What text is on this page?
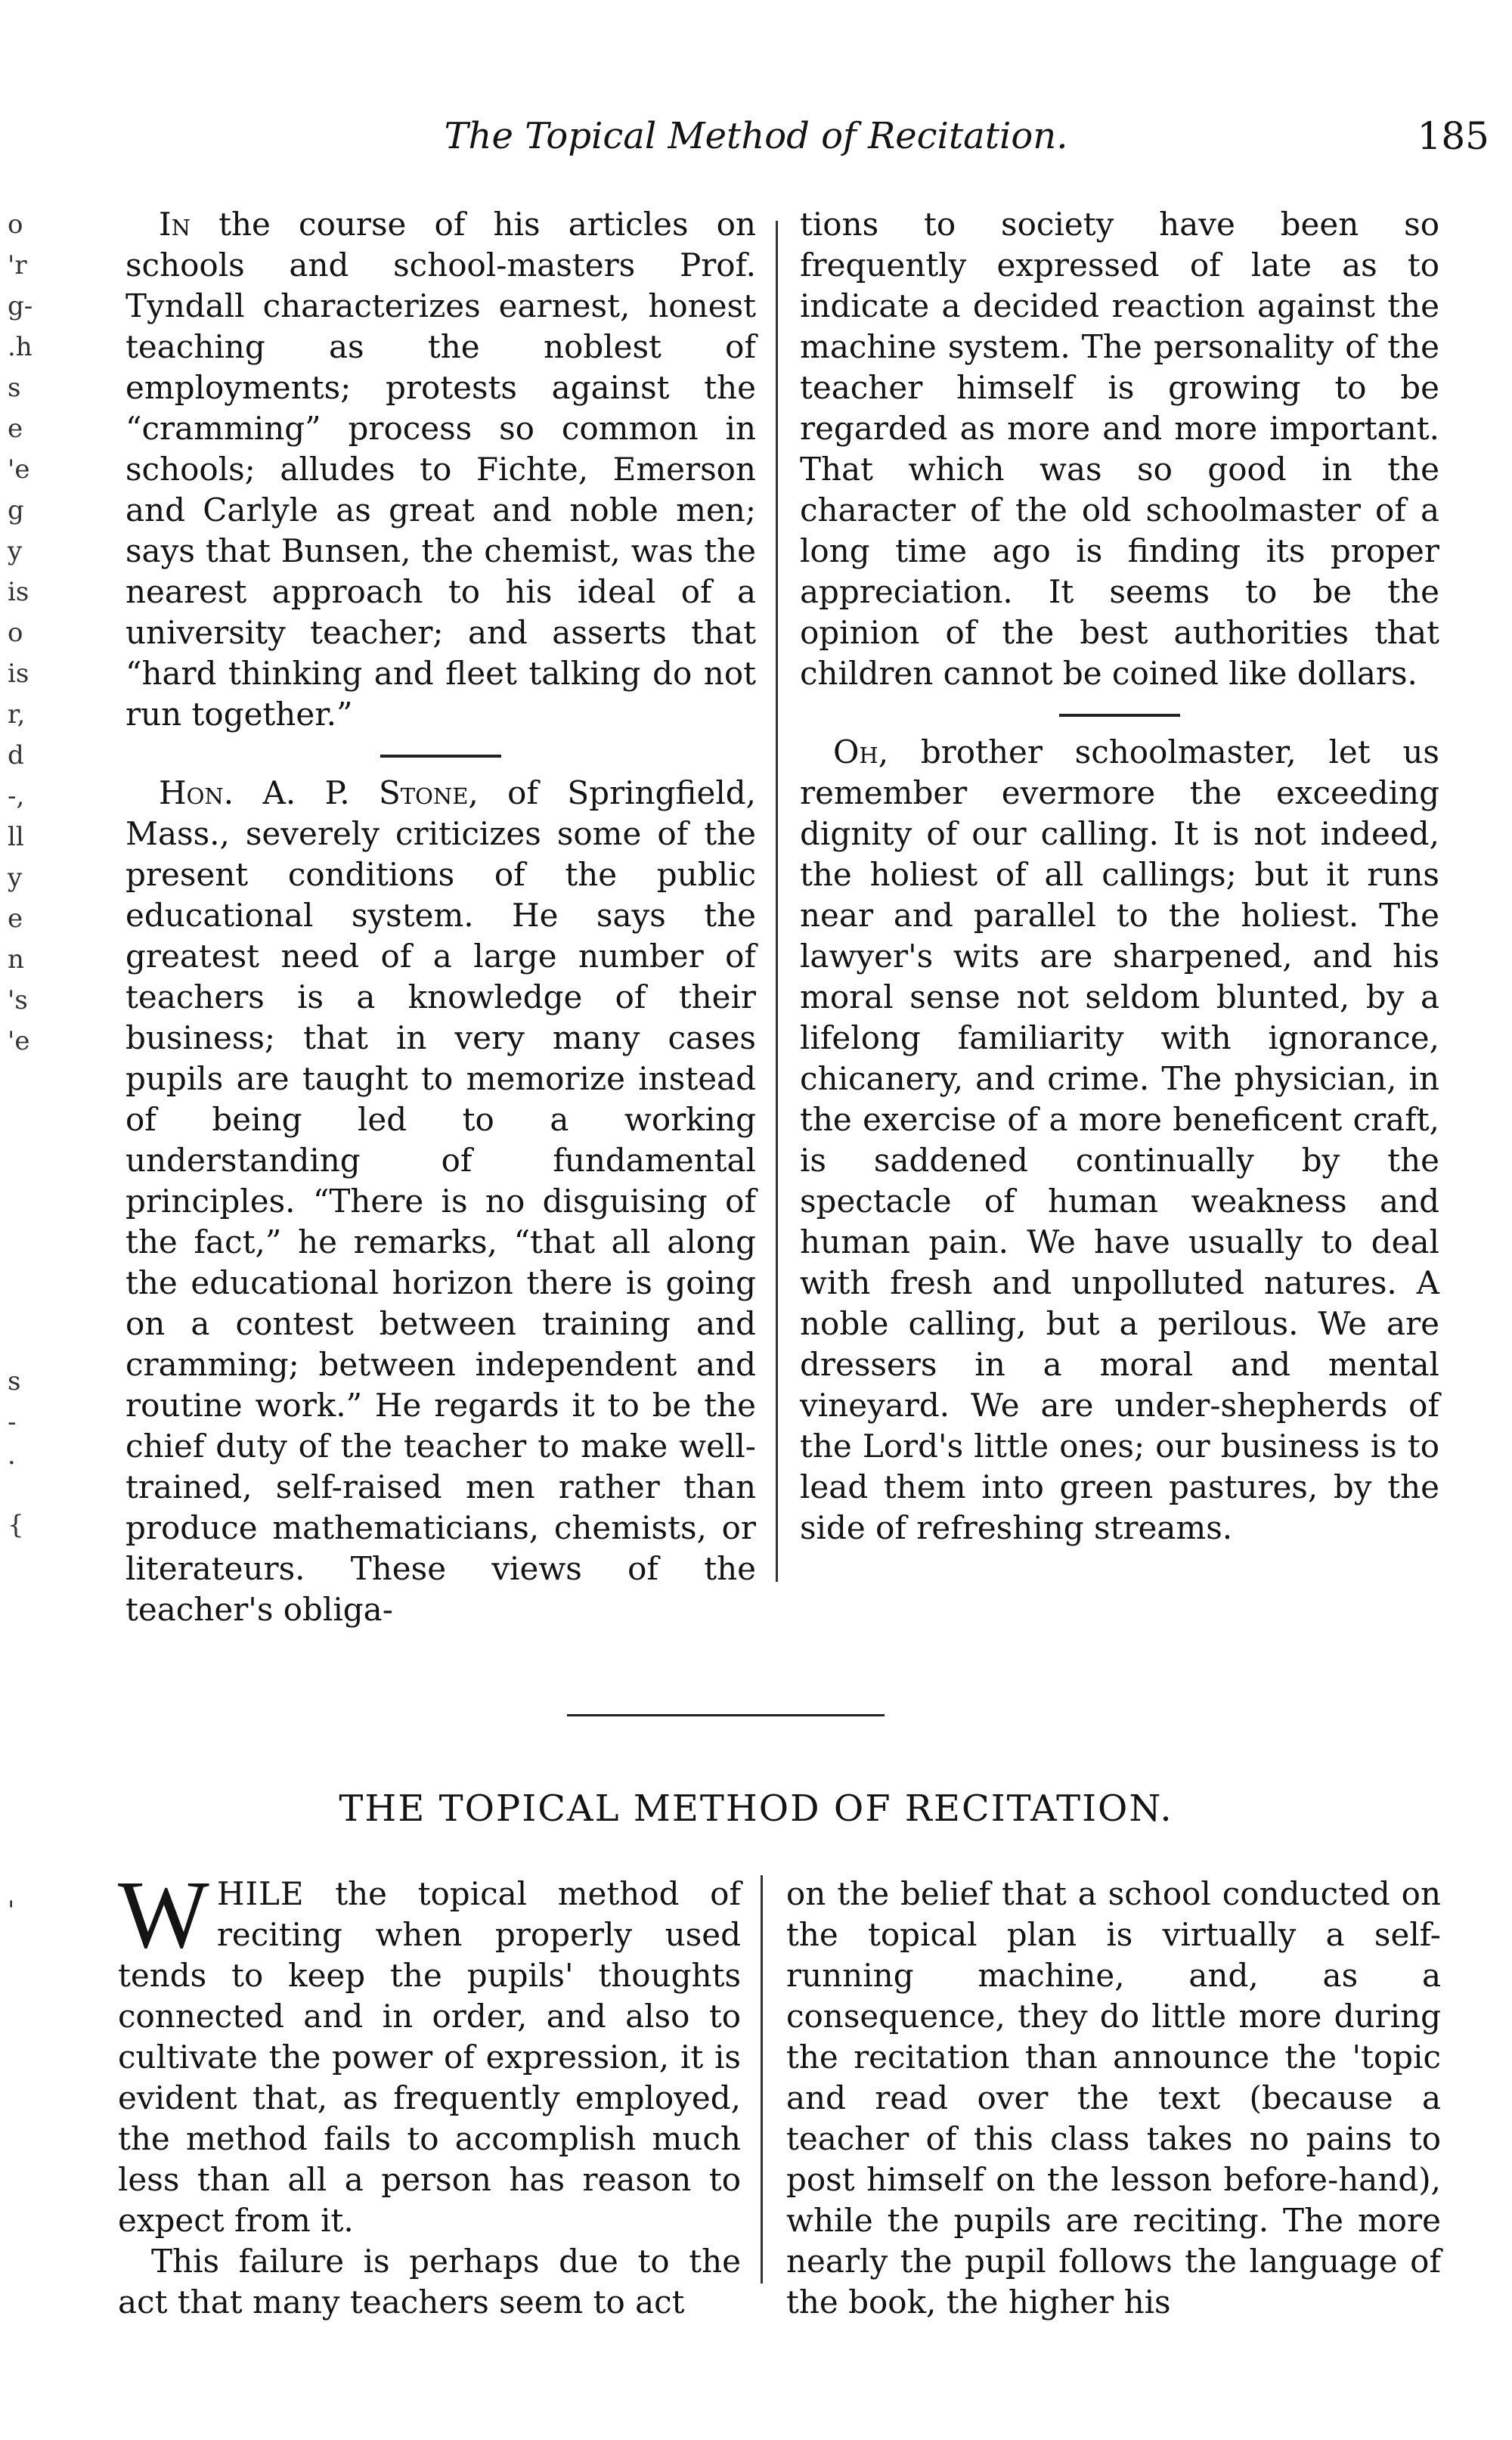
The Topical Method of Recitation.	185
o
'r
g-
.h
s
e
'e
g
y
is
o
is
r,
d
-,
ll
y
e
n
's
'e
s
-
·
{
'

In the course of his articles on schools and school-masters Prof. Tyndall characterizes earnest, honest teaching as the noblest of employments; protests against the “cramming” process so common in schools; alludes to Fichte, Emerson and Carlyle as great and noble men; says that Bunsen, the chemist, was the nearest approach to his ideal of a university teacher; and asserts that “hard thinking and fleet talking do not run together.”

Hon. A. P. Stone, of Springfield, Mass., severely criticizes some of the present conditions of the public educational system. He says the greatest need of a large number of teachers is a knowledge of their business; that in very many cases pupils are taught to memorize instead of being led to a working understanding of fundamental principles. “There is no disguising of the fact,” he remarks, “that all along the educational horizon there is going on a contest between training and cramming; between independent and routine work.” He regards it to be the chief duty of the teacher to make well-trained, self-raised men rather than produce mathematicians, chemists, or literateurs. These views of the teacher's obliga-

tions to society have been so frequently expressed of late as to indicate a decided reaction against the machine system. The personality of the teacher himself is growing to be regarded as more and more important. That which was so good in the character of the old schoolmaster of a long time ago is finding its proper appreciation. It seems to be the opinion of the best authorities that children cannot be coined like dollars.

Oh, brother schoolmaster, let us remember evermore the exceeding dignity of our calling. It is not indeed, the holiest of all callings; but it runs near and parallel to the holiest. The lawyer's wits are sharpened, and his moral sense not seldom blunted, by a lifelong familiarity with ignorance, chicanery, and crime. The physician, in the exercise of a more beneficent craft, is saddened continually by the spectacle of human weakness and human pain. We have usually to deal with fresh and unpolluted natures. A noble calling, but a perilous. We are dressers in a moral and mental vineyard. We are under-shepherds of the Lord's little ones; our business is to lead them into green pastures, by the side of refreshing streams.

THE TOPICAL METHOD OF RECITATION.

WHILE the topical method of reciting when properly used tends to keep the pupils' thoughts connected and in order, and also to cultivate the power of expression, it is evident that, as frequently employed, the method fails to accomplish much less than all a person has reason to expect from it.

This failure is perhaps due to the act that many teachers seem to act

on the belief that a school conducted on the topical plan is virtually a self-running machine, and, as a consequence, they do little more during the recitation than announce the 'topic and read over the text (because a teacher of this class takes no pains to post himself on the lesson before-hand), while the pupils are reciting. The more nearly the pupil follows the language of the book, the higher his
